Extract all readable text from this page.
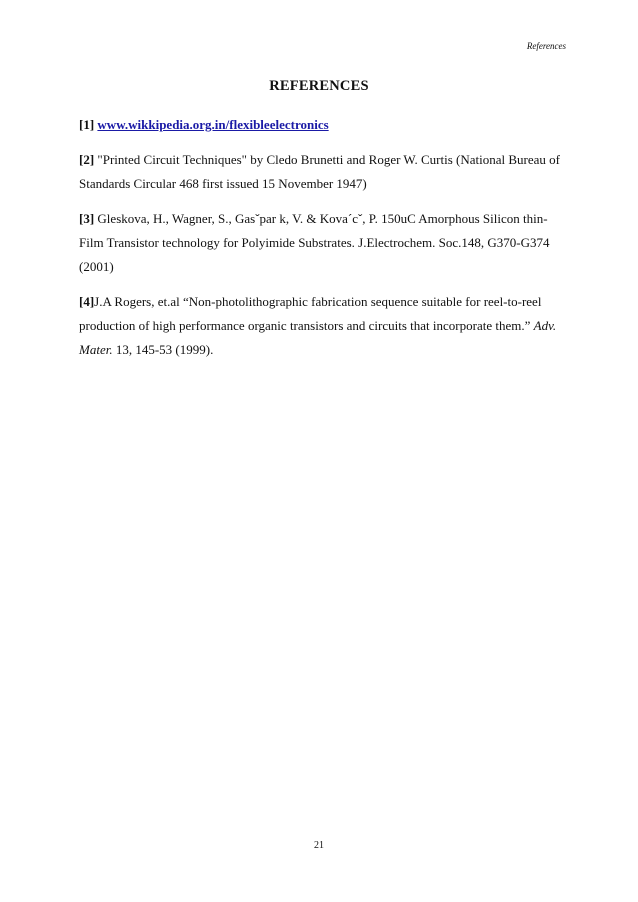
References
REFERENCES

[1] www.wikkipedia.org.in/flexibleelectronics

[2] "Printed Circuit Techniques" by Cledo Brunetti and Roger W. Curtis (National Bureau of Standards Circular 468 first issued 15 November 1947)

[3] Gleskova, H., Wagner, S., Gasˇpar k, V. & Kova´cˇ, P. 150uC Amorphous Silicon thin-Film Transistor technology for Polyimide Substrates. J.Electrochem. Soc.148, G370-G374 (2001)

[4]J.A Rogers, et.al “Non-photolithographic fabrication sequence suitable for reel-to-reel production of high performance organic transistors and circuits that incorporate them.” Adv. Mater. 13, 145-53 (1999).

21
